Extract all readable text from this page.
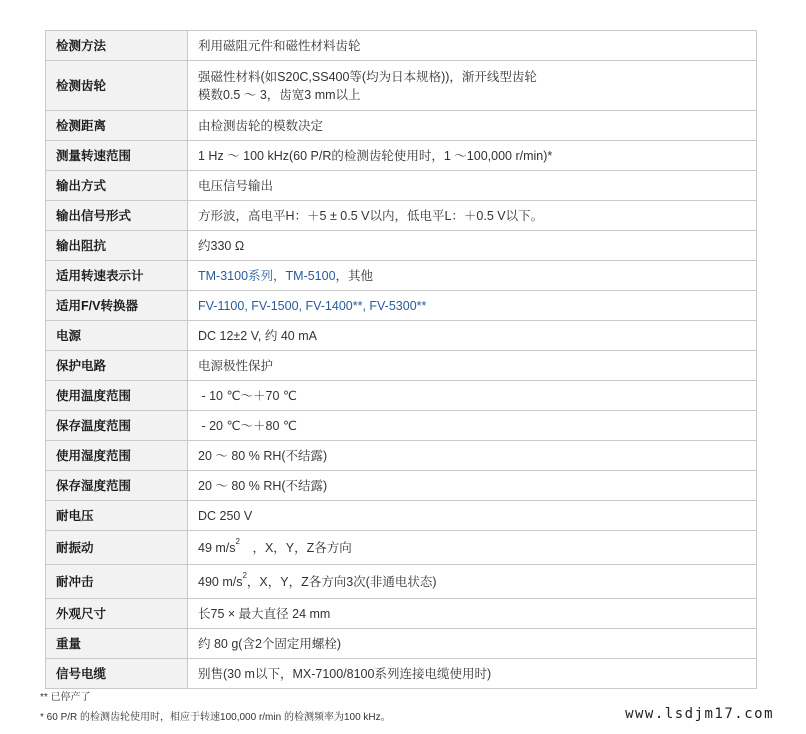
检测方法	利用磁阻元件和磁性材料齿轮
检测齿轮	强磁性材料(如S20C,SS400等(均为日本规格))，渐开线型齿轮
模数0.5 ～ 3，齿宽3 mm以上

检测距离	由检测齿轮的模数决定
测量转速范围	1 Hz ～ 100 kHz(60 P/R的检测齿轮使用时，1 ～100,000 r/min)*
输出方式	电压信号输出
输出信号形式	方形波，高电平H：＋5 ± 0.5 V以内，低电平L：＋0.5 V以下。
输出阻抗	约330 Ω
适用转速表示计	TM-3100系列，TM-5100，其他
适用F/V转换器	FV-1100, FV-1500, FV-1400**, FV-5300**
电源	DC 12±2 V, 约 40 mA
保护电路	电源极性保护
使用温度范围	- 10 ℃～＋70 ℃
保存温度范围	- 20 ℃～＋80 ℃
使用湿度范围	20 ～ 80 % RH(不结露)
保存湿度范围	20 ～ 80 % RH(不结露)
耐电压	DC 250 V
耐振动	49 $m/s^2$　，X，Y，Z各方向
耐冲击	490 $m/s^2$，X，Y，Z各方向3次(非通电状态)
外观尺寸	长75 × 最大直径 24 mm
重量	约 80 g(含2个固定用螺栓)
信号电缆	别售(30 m以下，MX-7100/8100系列连接电缆使用时)
** 已停产了
* 60 P/R 的检测齿轮使用时，相应于转速100,000 r/min 的检测频率为100 kHz。	www.lsdjm17.com
